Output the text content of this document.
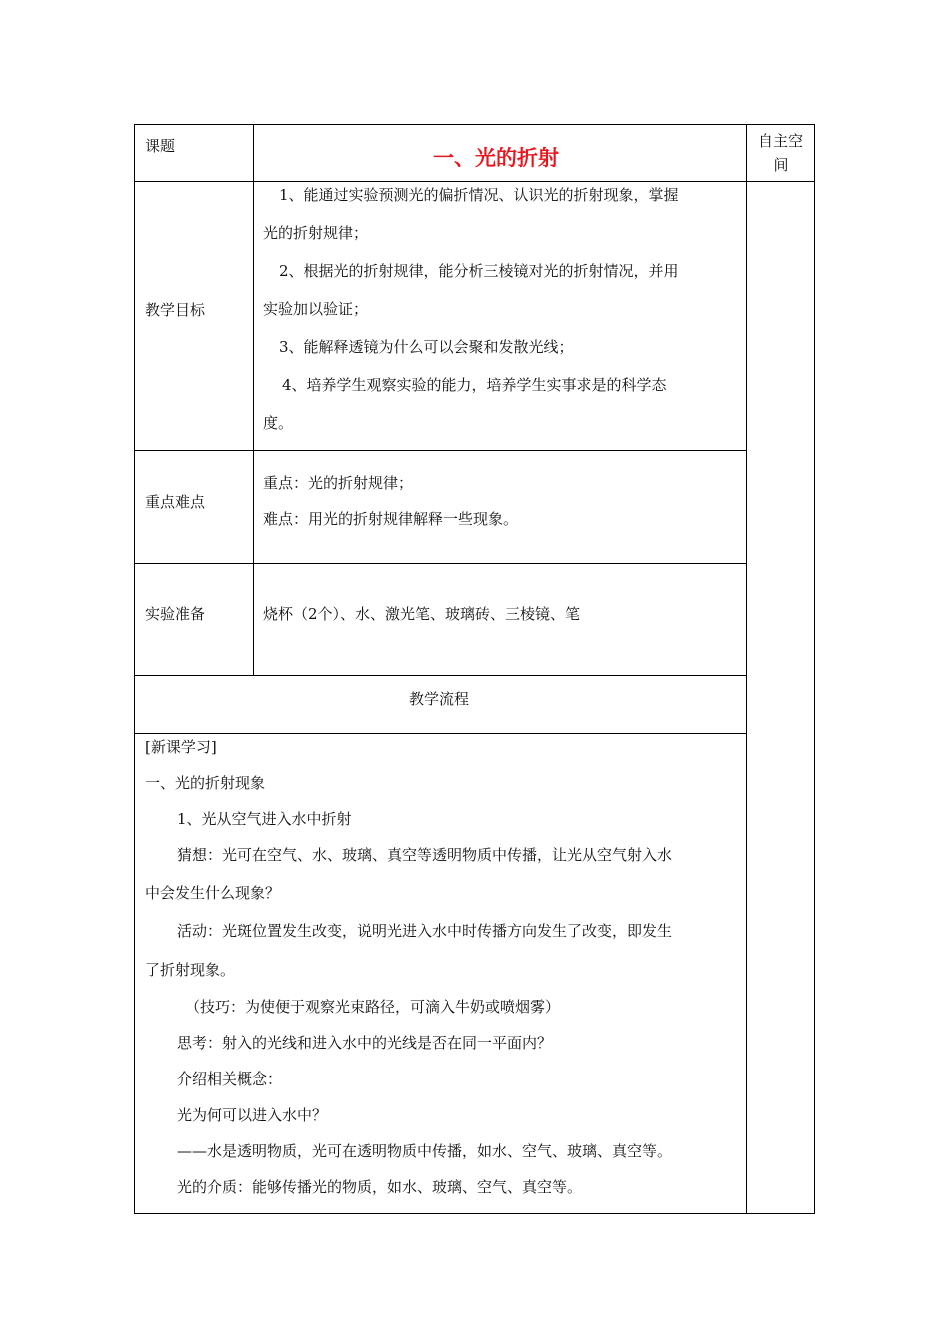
课题	一、光的折射
自主空
间
教学目标
1、能通过实验预测光的偏折情况、认识光的折射现象，掌握
光的折射规律；
2、根据光的折射规律，能分析三棱镜对光的折射情况，并用
实验加以验证；
3、能解释透镜为什么可以会聚和发散光线；
4、培养学生观察实验的能力，培养学生实事求是的科学态
度。
重点难点
重点：光的折射规律；
难点：用光的折射规律解释一些现象。
实验准备	烧杯（2个）、水、激光笔、玻璃砖、三棱镜、笔
教学流程
[新课学习]
一、光的折射现象
1、光从空气进入水中折射
猜想：光可在空气、水、玻璃、真空等透明物质中传播，让光从空气射入水
中会发生什么现象？
活动：光斑位置发生改变，说明光进入水中时传播方向发生了改变，即发生
了折射现象。
（技巧：为使便于观察光束路径，可滴入牛奶或喷烟雾）
思考：射入的光线和进入水中的光线是否在同一平面内？
介绍相关概念：
光为何可以进入水中？
——水是透明物质，光可在透明物质中传播，如水、空气、玻璃、真空等。
光的介质：能够传播光的物质，如水、玻璃、空气、真空等。
